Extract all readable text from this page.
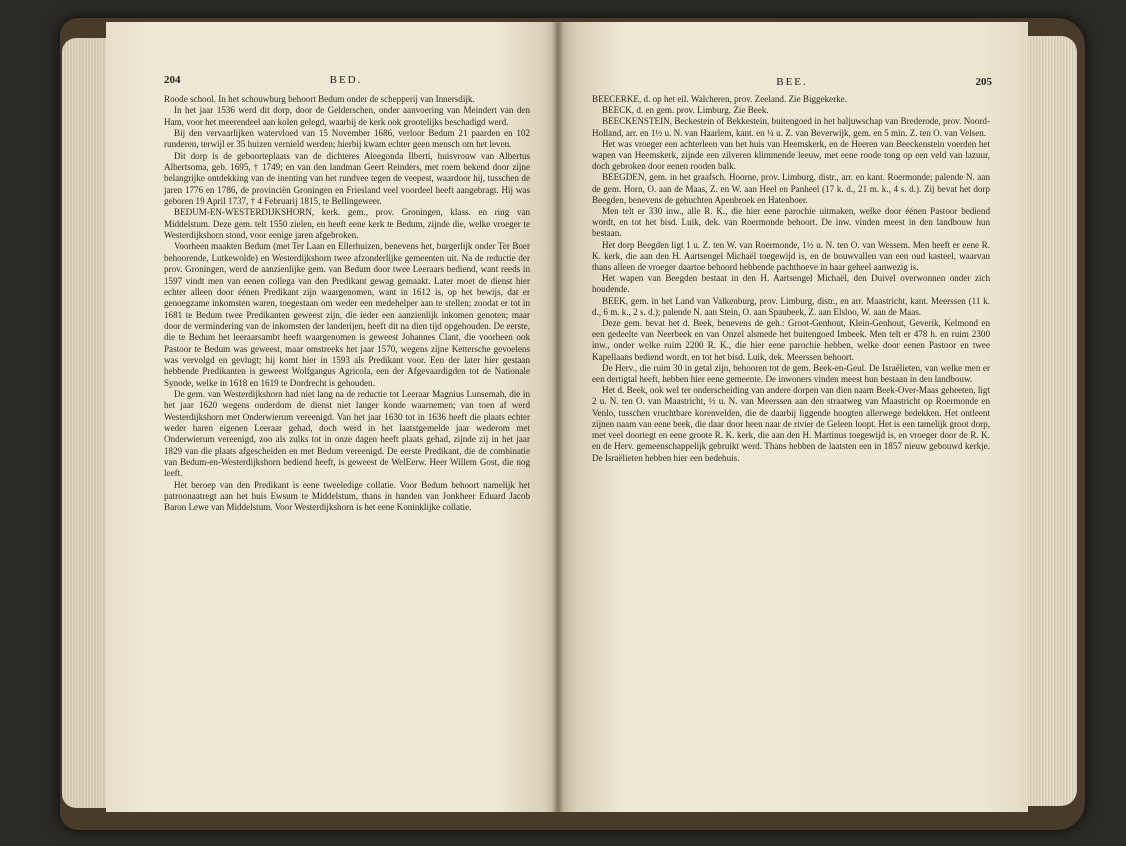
204	BED.

Roode school. In het schouwburg behoort Bedum onder de schepperij van Innersdijk.

In het jaar 1536 werd dit dorp, door de Gelderschen, onder aanvoering van Meindert van den Ham, voor het meerendeel aan kolen gelegd, waarbij de kerk ook grootelijks beschadigd werd.

Bij den vervaarlijken watervloed van 15 November 1686, verloor Bedum 21 paarden en 102 runderen, terwijl er 35 huizen vernield werden; hierbij kwam echter geen mensch om het leven.

Dit dorp is de geboorteplaats van de dichteres Aleegonda Ilberti, huisvrouw van Albertus Albertsoma, geb. 1695, † 1749; en van den landman Geert Reinders, met roem bekend door zijne belangrijke ontdekking van de inenting van het rundvee tegen de veepest, waardoor hij, tusschen de jaren 1776 en 1786, de provinciën Groningen en Friesland veel voordeel heeft aangebragt. Hij was geboren 19 April 1737, † 4 Februarij 1815, te Bellingeweer.

BEDUM-EN-WESTERDIJKSHORN, kerk. gem., prov. Groningen, klass. en ring van Middelstum. Deze gem. telt 1550 zielen, en heeft eene kerk te Bedum, zijnde die, welke vroeger te Westerdijkshorn stond, voor eenige jaren afgebroken.

Voorheen maakten Bedum (met Ter Laan en Ellerhuizen, benevens het, burgerlijk onder Ter Boer behoorende, Lutkewolde) en Westerdijkshorn twee afzonderlijke gemeenten uit. Na de reductie der prov. Groningen, werd de aanzienlijke gem. van Bedum door twee Leeraars bediend, want reeds in 1597 vindt men van eenen collega van den Predikant gewag gemaakt. Later moet de dienst hier echter alleen door éénen Predikant zijn waargenomen, want in 1612 is, op het bewijs, dat er genoegzame inkomsten waren, toegestaan om weder een medehelper aan te stellen; zoodat er tot in 1681 te Bedum twee Predikanten geweest zijn, die ieder een aanzienlijk inkomen genoten; maar door de vermindering van de inkomsten der landerijen, heeft dit na dien tijd opgehouden. De eerste, die te Bedum het leeraarsambt heeft waargenomen is geweest Johannes Clant, die voorheen ook Pastoor te Bedum was geweest, maar omstreeks het jaar 1570, wegens zijne Kettersche gevoelens was vervolgd en gevlugt; hij komt hier in 1593 als Predikant voor. Een der later hier gestaan hebbende Predikanten is geweest Wolfgangus Agricola, een der Afgevaardigden tot de Nationale Synode, welke in 1618 en 1619 te Dordrecht is gehouden.

De gem. van Westerdijkshorn had niet lang na de reductie tot Leeraar Magnius Lunsemah, die in het jaar 1620 wegens ouderdom de dienst niet langer konde waarnemen; van toen af werd Westerdijkshorn met Onderwierum vereenigd. Van het jaar 1630 tot in 1636 heeft die plaats echter weder haren eigenen Leeraar gehad, doch werd in het laatstgemelde jaar wederom met Onderwierum vereenigd, zoo als zulks tot in onze dagen heeft plaats gehad, zijnde zij in het jaar 1829 van die plaats afgescheiden en met Bedum vereenigd. De eerste Predikant, die de combinatie van Bedum-en-Westerdijkshorn bediend heeft, is geweest de WelEerw. Heer Willem Gost, die nog leeft.

Het beroep van den Predikant is eene tweeledige collatie. Voor Bedum behoort namelijk het patroonaatregt aan het huis Ewsum te Middelstum, thans in handen van Jonkheer Eduard Jacob Baron Lewe van Middelstum. Voor Westerdijkshorn is het eene Koninklijke collatie.

BEE.	205

BEECERKE, d. op het eil. Walcheren, prov. Zeeland. Zie Biggekerke.

BEECK, d. en gem. prov. Limburg. Zie Beek.

BEECKENSTEIN, Beckestein of Bekkestein, buitengoed in het baljuwschap van Brederode, prov. Noord-Holland, arr. en 1½ u. N. van Haarlem, kant. en ¼ u. Z. van Beverwijk, gem. en 5 min. Z. ten O. van Velsen.

Het was vroeger een achterleen van het huis van Heemskerk, en de Heeren van Beeckenstein voerden het wapen van Heemskerk, zijnde een zilveren klimmende leeuw, met eene roode tong op een veld van lazuur, doch gebroken door eenen rooden balk.

BEEGDEN, gem. in het graafsch. Hoorne, prov. Limburg, distr., arr. en kant. Roermonde; palende N. aan de gem. Horn, O. aan de Maas, Z. en W. aan Heel en Panheel (17 k. d., 21 m. k., 4 s. d.). Zij bevat het dorp Beegden, benevens de gehuchten Apenbroek en Hatenboer.

Men telt er 330 inw., alle R. K., die hier eene parochie uitmaken, welke door éénen Pastoor bediend wordt, en tot het bisd. Luik, dek. van Roermonde behoort. De inw. vinden meest in den landbouw hun bestaan.

Het dorp Beegden ligt 1 u. Z. ten W. van Roermonde, 1½ u. N. ten O. van Wessem. Men heeft er eene R. K. kerk, die aan den H. Aartsengel Michaël toegewijd is, en de bouwvallen van een oud kasteel, waarvan thans alleen de vroeger daartoe behoord hebbende pachthoeve in haar geheel aanwezig is.

Het wapen van Beegden bestaat in den H. Aartsengel Michaël, den Duivel overwonnen onder zich houdende.

BEEK, gem. in het Land van Valkenburg, prov. Limburg, distr., en arr. Maastricht, kant. Meerssen (11 k. d., 6 m. k., 2 s. d.); palende N. aan Stein, O. aan Spaubeek, Z. aan Elsloo, W. aan de Maas.

Deze gem. bevat het d. Beek, benevens de geh.: Groot-Genhout, Klein-Genhout, Geverik, Kelmond en een gedeelte van Neerbeek en van Onzel alsmede het buitengoed Imbeek. Men telt er 478 h. en ruim 2300 inw., onder welke ruim 2200 R. K., die hier eene parochie hebben, welke door eenen Pastoor en twee Kapellaans bediend wordt, en tot het bisd. Luik, dek. Meerssen behoort.

De Herv., die ruim 30 in getal zijn, behooren tot de gem. Beek-en-Geul. De Israëlieten, van welke men er een dertigtal heeft, hebben hier eene gemeente. De inwoners vinden meest hun bestaan in den landbouw.

Het d. Beek, ook wel ter onderscheiding van andere dorpen van dien naam Beek-Over-Maas geheeten, ligt 2 u. N. ten O. van Maastricht, ½ u. N. van Meerssen aan den straatweg van Maastricht op Roermonde en Venlo, tusschen vruchtbare korenvelden, die de daarbij liggende hoogten allerwege bedekken. Het ontleent zijnen naam van eene beek, die daar door heen naar de rivier de Geleen loopt. Het is een tamelijk groot dorp, met veel doortegt en eene groote R. K. kerk, die aan den H. Martinus toegewijd is, en vroeger door de R. K. en de Herv. gemeenschappelijk gebruikt werd. Thans hebben de laatsten een in 1857 nieuw gebouwd kerkje. De Israëlieten hebben hier een bedehuis.
